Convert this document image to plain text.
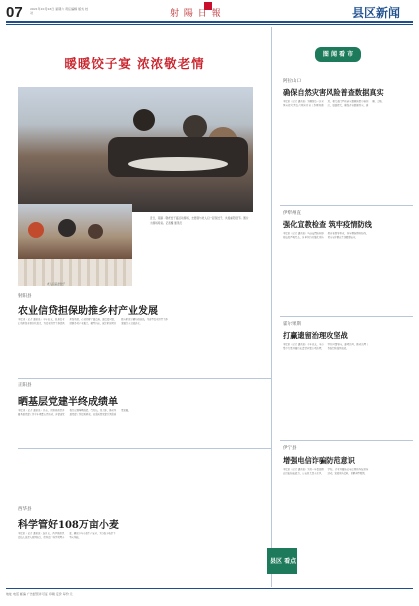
07 2021年10月23日 星期六 责任编辑 版式 校对	射 陽 日 報	县区新闻
暖暖饺子宴 浓浓敬老情
近日，某镇 · 敬老饺子宴活动现场，志愿者与老人们一起包饺子，共度重阳佳节。图片为现场场景。记者摄 通讯员
老人们品尝饺子
射阳县
农业信贷担保助推乡村产业发展
本报讯（记者 通讯员）今年以来，我县农业信贷担保业务持续发力，为农业经营主体提供担保贷款，有效缓解了融资难、融资贵问题，助推乡村产业振兴。截至目前，累计担保项目数与担保金额均创新高，为新型农业经营主体发展注入金融活水。
正阳县
晒基层党建半终成绩单
本报讯（记者 通讯员）日前，正阳县组织开展基层党建工作半年观摩点评活动，各镇街党委书记现场晒成绩、亮特色、找差距，推动基层党建工作提质增效，以高质量党建引领高质量发展。
西华县
科学管好108万亩小麦
本报讯（记者 通讯员）连日来，西华县组织农技人员深入田间地头，指导农户科学管理小麦，确保今年小麦生产安全，为夺取丰收打下坚实基础。
图 闻 看 市
阿拉山口
确保自然灾害风险普查数据真实
本报讯（记者 通讯员）为确保第一次全国自然灾害综合风险普查工作顺利推进，相关部门严格落实数据质量审核制度，层层把关，确保普查数据真实、准确、完整。
伊犁州直
强化宣教检查 筑牢疫情防线
本报讯（记者 通讯员）当前疫情防控形势依然严峻复杂，各单位持续强化宣传教育和督导检查，筑牢群防群控防线，切实守护群众生命健康安全。
霍尔果斯
打赢遗留治理攻坚战
本报讯（记者 通讯员）今年以来，全市集中力量开展历史遗留问题专项治理，坚持问题导向，逐项销号，推动治理工作取得阶段性成效。
伊宁县
增强电信诈骗防范意识
本报讯（记者 通讯员）为进一步提高群众识骗防骗能力，公安机关深入社区、学校、企业开展防范电信网络诈骗宣传活动，发放宣传资料，讲解典型案例。
县区 看点
地址 电话 邮编 广告经营许可证 印刷 定价 每份 元
